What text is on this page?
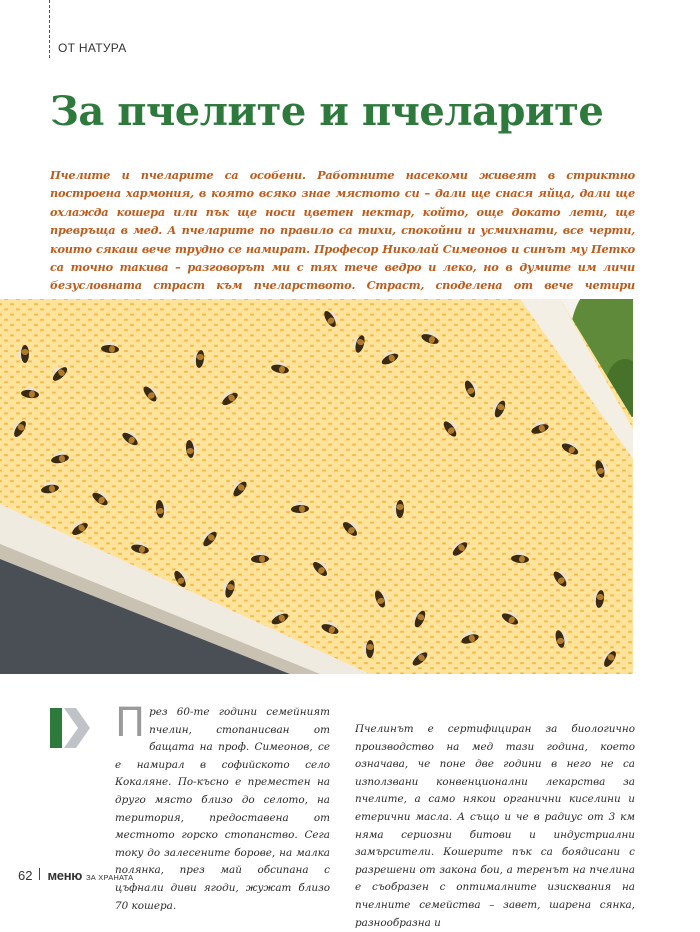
ОТ НАТУРА
За пчелите и пчеларите

Пчелите и пчеларите са особени. Работните насекоми живеят в стриктно построена хармония, в която всяко знае мястото си – дали ще снася яйца, дали ще охлажда кошера или пък ще носи цветен нектар, който, още докато лети, ще превръща в мед. А пчеларите по правило са тихи, спокойни и усмихнати, все черти, които сякаш вече трудно се намират. Професор Николай Симеонов и синът му Петко са точно такива – разговорът ми с тях тече ведро и леко, но в думите им личи безусловната страст към пчеларството. Страст, споделена от вече четири

П рез 60-те години семейният пчелин, стопанисван от бащата на проф. Симеонов, се е намирал в софийското село Кокаляне. По-късно е преместен на друго място близо до селото, на територия, предоставена от местното горско стопанство. Сега току до залесените борове, на малка полянка, през май обсипана с цъфнали диви ягоди, жужат близо 70 кошера.

Пчелинът е сертифициран за биологично производство на мед тази година, което означава, че поне две години в него не са използвани конвенционални лекарства за пчелите, а само някои органични киселини и етерични масла. А също и че в радиус от 3 км няма сериозни битови и индустриални замърсители. Кошерите пък са боядисани с разрешени от закона бои, а теренът на пчелина е съобразен с оптималните изисквания на пчелните семейства – завет, шарена сянка, разнообразна и

62 меню ЗА ХРАНАТА
